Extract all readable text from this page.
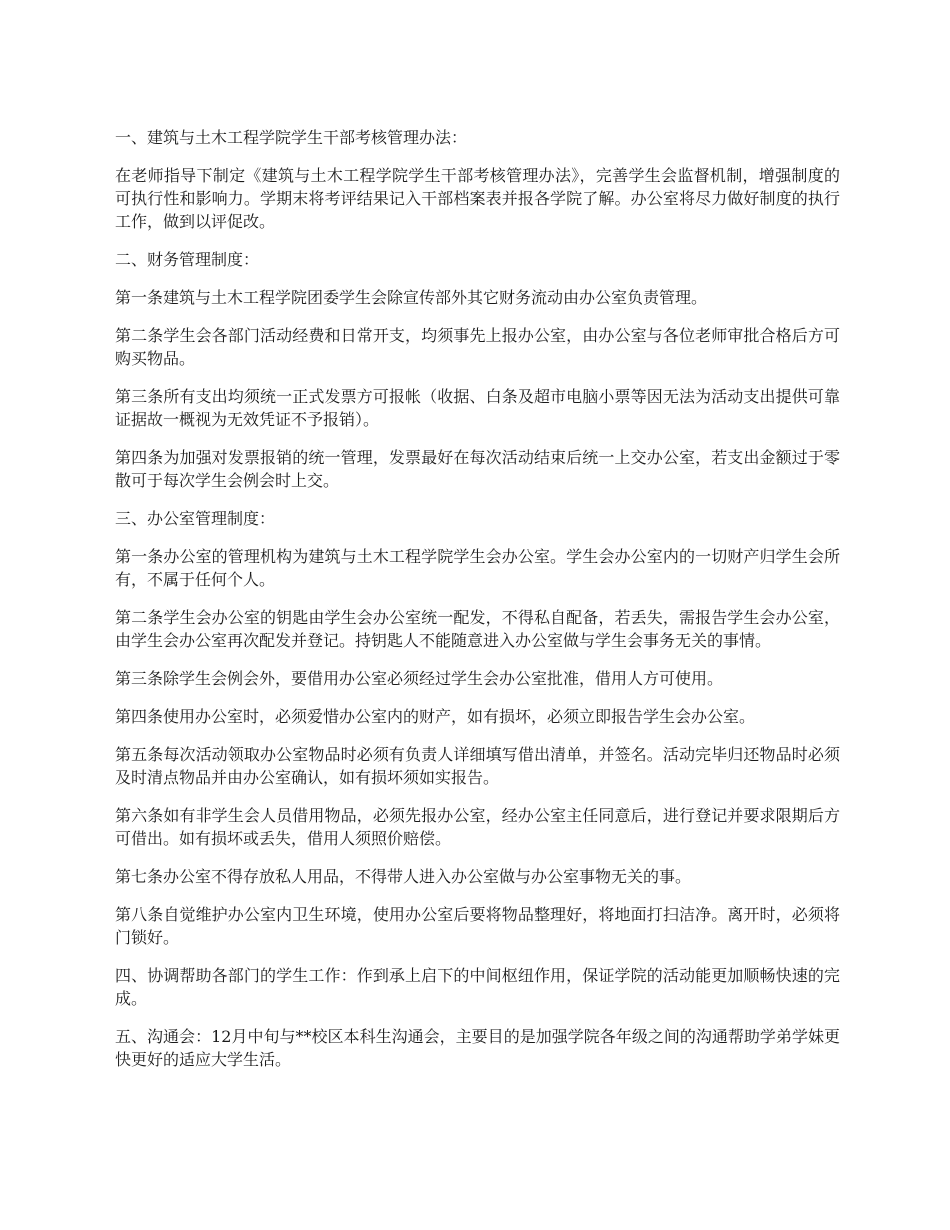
一、建筑与土木工程学院学生干部考核管理办法：

在老师指导下制定《建筑与土木工程学院学生干部考核管理办法》，完善学生会监督机制，增强制度的可执行性和影响力。学期末将考评结果记入干部档案表并报各学院了解。办公室将尽力做好制度的执行工作，做到以评促改。

二、财务管理制度：

第一条建筑与土木工程学院团委学生会除宣传部外其它财务流动由办公室负责管理。

第二条学生会各部门活动经费和日常开支，均须事先上报办公室，由办公室与各位老师审批合格后方可购买物品。

第三条所有支出均须统一正式发票方可报帐（收据、白条及超市电脑小票等因无法为活动支出提供可靠证据故一概视为无效凭证不予报销）。

第四条为加强对发票报销的统一管理，发票最好在每次活动结束后统一上交办公室，若支出金额过于零散可于每次学生会例会时上交。

三、办公室管理制度：

第一条办公室的管理机构为建筑与土木工程学院学生会办公室。学生会办公室内的一切财产归学生会所有，不属于任何个人。

第二条学生会办公室的钥匙由学生会办公室统一配发，不得私自配备，若丢失，需报告学生会办公室，由学生会办公室再次配发并登记。持钥匙人不能随意进入办公室做与学生会事务无关的事情。

第三条除学生会例会外，要借用办公室必须经过学生会办公室批准，借用人方可使用。

第四条使用办公室时，必须爱惜办公室内的财产，如有损坏，必须立即报告学生会办公室。

第五条每次活动领取办公室物品时必须有负责人详细填写借出清单，并签名。活动完毕归还物品时必须及时清点物品并由办公室确认，如有损坏须如实报告。

第六条如有非学生会人员借用物品，必须先报办公室，经办公室主任同意后，进行登记并要求限期后方可借出。如有损坏或丢失，借用人须照价赔偿。

第七条办公室不得存放私人用品，不得带人进入办公室做与办公室事物无关的事。

第八条自觉维护办公室内卫生环境，使用办公室后要将物品整理好，将地面打扫洁净。离开时，必须将门锁好。

四、协调帮助各部门的学生工作：作到承上启下的中间枢纽作用，保证学院的活动能更加顺畅快速的完成。

五、沟通会：12月中旬与**校区本科生沟通会，主要目的是加强学院各年级之间的沟通帮助学弟学妹更快更好的适应大学生活。
